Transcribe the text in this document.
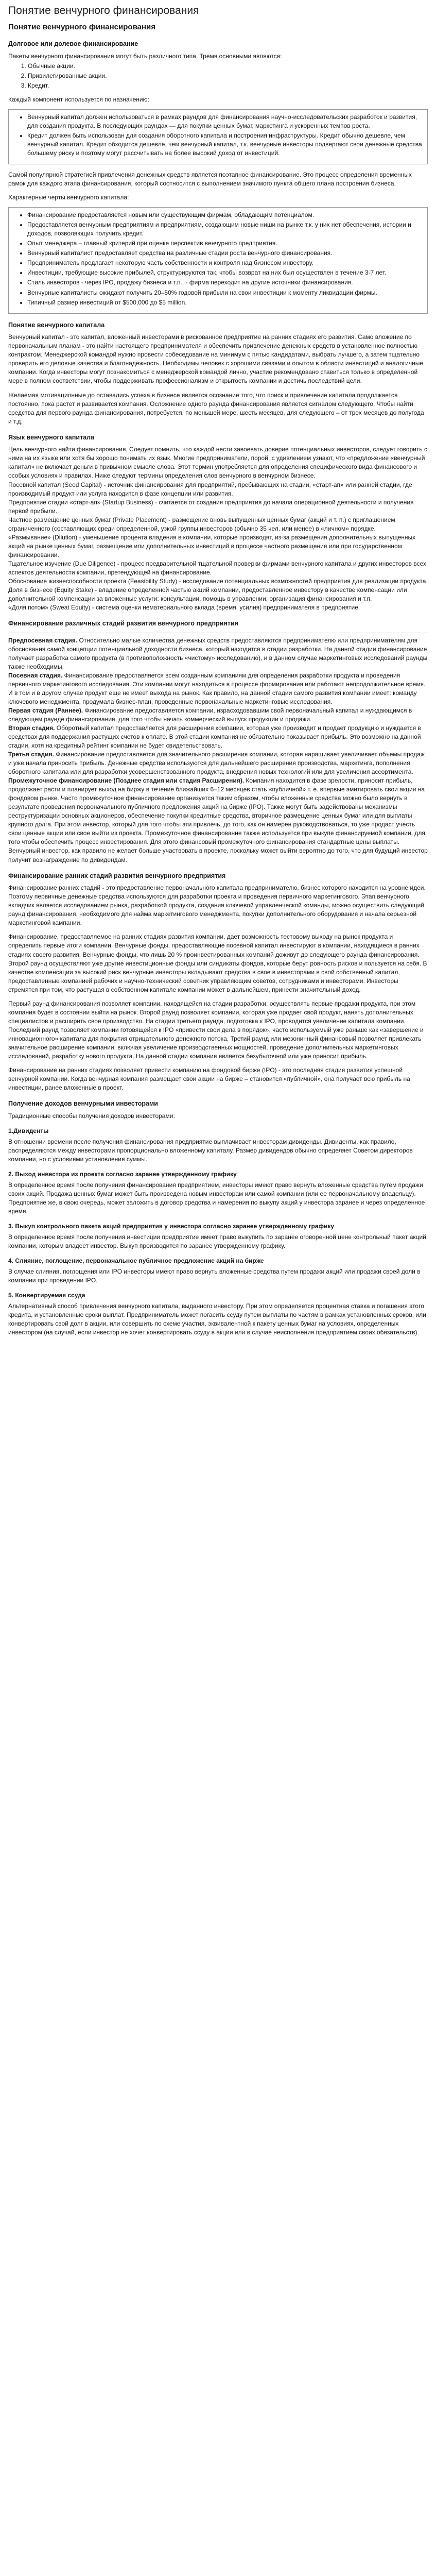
Понятие венчурного финансирования
Понятие венчурного финансирования
Долговое или долевое финансирование

Пакеты венчурного финансирования могут быть различного типа. Тремя основными являются:

1. Обычные акции.
2. Привилегированные акции.
3. Кредит.

Каждый компонент используется по назначению:

• Венчурный капитал должен использоваться в рамках раундов для финансирования научно-исследовательских разработок и развития, для создания продукта. В последующих раундах — для покупки ценных бумаг, маркетинга и ускоренных темпов роста.
• Кредит должен быть использован для создания оборотного капитала и построения инфраструктуры. Кредит обычно дешевле, чем венчурный капитал. Кредит обходится дешевле, чем венчурный капитал, т.к. венчурные инвесторы подвергают свои денежные средства большему риску и поэтому могут рассчитывать на более высокий доход от инвестиций.

Самой популярной стратегией привлечения денежных средств является поэтапное финансирование. Это процесс определения временных рамок для каждого этапа финансирования, который соотносится с выполнением значимого пункта общего плана построения бизнеса.

Характерные черты венчурного капитала:

• Финансирование предоставляется новым или существующим фирмам, обладающим потенциалом.
• Предоставляется венчурным предприятиям и предприятиям, создающим новые ниши на рынке т.к. у них нет обеспечения, истории и доходов, позволяющих получить кредит.
• Опыт менеджера – главный критерий при оценке перспектив венчурного предприятия.
• Венчурный капиталист предоставляет средства на различные стадии роста венчурного финансирования.
• Предприниматель предлагает некоторую часть собственности и контроля над бизнесом инвестору.
• Инвестиции, требующие высокие прибылей, структурируются так, чтобы возврат на них был осуществлен в течение 3-7 лет.
• Стиль инвесторов - через IPO, продажу бизнеса и т.п., - фирма переходит на другие источники финансирования.
• Венчурные капиталисты ожидают получить 20–50% годовой прибыли на свои инвестиции к моменту ликвидации фирмы.
• Типичный размер инвестиций от $500,000 до $5 million.
Понятие венчурного капитала

Венчурный капитал - это капитал, вложенный инвесторами в рискованное предприятие на ранних стадиях его развития. Само вложение по первоначальным планам - это найти настоящего предпринимателя и обеспечить привлечение денежных средств в установленное полностью контрактом. Менеджерской командой нужно провести собеседование на минимум с пятью кандидатами, выбрать лучшего, а затем тщательно проверить его деловые качества и благонадежность. Необходимы человек с хорошими связями и опытом в области инвестиций и аналогичные компании. Когда инвесторы могут познакомиться с менеджерской командой лично, участие рекомендовано ставиться только в определенной мере в полном соответствии, чтобы поддерживать профессионализм и открытость компании и достичь последствий цели.

Желаемая мотивационные до оставались успеха в бизнесе является осознание того, что поиск и привлечение капитала продолжается постоянно, пока растет и развивается компания. Осложнение одного раунда финансирования является сигналом следующего. Чтобы найти средства для первого раунда финансирования, потребуется, по меньшей мере, шесть месяцев, для следующего – от трех месяцев до полугода и т.д.

Язык венчурного капитала

Цель венчурного найти финансирования. Следует помнить, что каждой нести завоевать доверие потенциальных инвесторов, следует говорить с ними на их языке или хотя бы хорошо понимать их язык. Многие предприниматели, порой, с удивлением узнают, что «предложение «венчурный капитал» не включает деньги в привычном смысле слова. Этот термин употребляется для определения специфического вида финансового и особых условиях и правилах. Ниже следуют термины определения слов венчурного в венчурном бизнесе.

Посевной капитал (Seed Capital) - источник финансирования для предприятий, пребывающих на стадии, «старт-ап» или ранней стадии, где производимый продукт или услуга находится в фазе концепции или развития.

Предприятие стадии «старт-ап» (Startup Business) - считается от создания предприятия до начала операционной деятельности и получения первой прибыли.

Частное размещение ценных бумаг (Private Placement) - размещение вновь выпущенных ценных бумаг (акций и т. п.) с приглашением ограниченного (составляющих среди определенной, узкой группы инвесторов (обычно 35 чел. или менее) в «личном» порядке.

«Размывание» (Dilution) - уменьшение процента владения в компании, которые производят, из-за размещения дополнительных выпущенных акций на рынке ценных бумаг, размещение или дополнительных инвестиций в процессе частного размещения или при государственном финансировании.

Тщательное изучение (Due Diligence) - процесс предварительной тщательной проверки фирмами венчурного капитала и других инвесторов всех аспектов деятельности компании, претендующей на финансирование.

Обоснование жизнеспособности проекта (Feasibility Study) - исследование потенциальных возможностей предприятия для реализации продукта.

Доля в бизнесе (Equity Stake) - владение определенной частью акций компании, предоставленное инвестору в качестве компенсации или дополнительной компенсации за вложенные услуги: консультации, помощь в управлении, организация финансирования и т.п.

«Доля потом» (Sweat Equity) - система оценки нематериального вклада (время, усилия) предпринимателя в предприятие.

Финансирование различных стадий развития венчурного предприятия

Предпосевная стадия. Относительно малые количества денежных средств предоставляются предпринимателю или предпринимателям для обоснования самой концепции потенциальной доходности бизнеса, который находится в стадии разработки. На данной стадии финансирование получает разработка самого продукта (в противоположность «чистому» исследованию), и в данном случае маркетинговых исследований раунды также необходимы.

Посевная стадия. Финансирование предоставляется всем созданным компаниям для определения разработки продукта и проведения первичного маркетингового исследования. Эти компании могут находиться в процессе формирования или работают непродолжительное время. И в том и в другом случае продукт еще не имеет выхода на рынок. Как правило, на данной стадии самого развития компании имеет: команду ключевого менеджмента, продумала бизнес-план, проведенные первоначальные маркетинговые исследования.

Первая стадия (Раннее). Финансирование предоставляется компании, израсходовавшим свой первоначальный капитал и нуждающимся в следующем раунде финансирования, для того чтобы начать коммерческий выпуск продукции и продажи.

Вторая стадия. Оборотный капитал предоставляется для расширения компании, которая уже производит и продает продукцию и нуждается в средствах для поддержания растущих счетов к оплате. В этой стадии компания не обязательно показывает прибыль. Это возможно на данной стадии, хотя на кредитный рейтинг компании не будет свидетельствовать.

Третья стадия. Финансирование предоставляется для значительного расширения компании, которая наращивает увеличивает объемы продаж и уже начала приносить прибыль. Денежные средства используются для дальнейшего расширения производства, маркетинга, пополнения оборотного капитала или для разработки усовершенствованного продукта, внедрения новых технологий или для увеличения ассортимента.

Промежуточное финансирование (Позднее стадия или стадия Расширения). Компания находится в фазе зрелости, приносит прибыль, продолжает расти и планирует выход на биржу в течение ближайших 6–12 месяцев стать «публичной» т. е. впервые эмитировать свои акции на фондовом рынке. Часто промежуточное финансирование организуется таким образом, чтобы вложенные средства можно было вернуть в результате проведения первоначального публичного предложения акций на бирже (IPO). Также могут быть задействованы механизмы реструктуризации основных акционеров, обеспечение покупки кредитные средства, вторичное размещение ценных бумаг или для выплаты крупного долга. При этом инвестор, который для того чтобы эти привлечь, до того, как он намерен руководствоваться, то уже продаст учесть свои ценные акции или свое выйти из проекта. Промежуточное финансирование также используется при выкупе финансируемой компании, для того чтобы обеспечить процесс инвестирования. Для этого финансовый промежуточного финансирования стандартные цены выплаты.

Венчурный инвестор, как правило не желает больше участвовать в проекте, поскольку может выйти вероятно до того, что для будущий инвестор получит вознаграждение по дивидендам.

Финансирование ранних стадий развития венчурного предприятия

Финансирование ранних стадий - это предоставление первоначального капитала предпринимателю, бизнес которого находится на уровне идеи. Поэтому первичные денежные средства используются для разработки проекта и проведения первичного маркетингового. Этап венчурного вкладчик является исследованием рынка, разработкой продукта, создания ключевой управленческой команды, можно осуществить следующий раунд финансирования, необходимого для найма маркетингового менеджмента, покупки дополнительного оборудования и начала серьезной маркетинговой кампании.

Финансирование, предоставляемое на ранних стадиях развития компании, дает возможность тестовому выходу на рынок продукта и определить первые итоги компании. Венчурные фонды, предоставляющие посевной капитал инвестируют в компании, находящиеся в ранних стадиях своего развития. Венчурные фонды, что лишь 20 % проинвестированных компаний доживут до следующего раунда финансирования. Второй раунд осуществляют уже другие инвестиционные фонды или синдикаты фондов, которые берут ровность рисков и пользуется на себя. В качестве компенсации за высокий риск венчурные инвесторы вкладывают средства в свое в инвесторами в свой собственный капитал, предоставленные компанией рабочих и научно-технический советник управляющим советов, сотрудниками и инвесторами. Инвесторы стремятся при том, что растущая в собственном капитале компании может в дальнейшем, принести значительный доход.

Первый раунд финансирования позволяет компании, находящейся на стадии разработки, осуществлять первые продажи продукта, при этом компания будет в состоянии выйти на рынок. Второй раунд позволяет компании, которая уже продает свой продукт, нанять дополнительных специалистов и расширить свое производство. На стадии третьего раунда, подготовка к IPO, проводится увеличение капитала компании. Последний раунд позволяет компании готовящейся к IPO «привести свои дела в порядок», часто используемый уже раньше как «завершение и инновационного» капитала для покрытия отрицательного денежного потока. Третий раунд или мезонинный финансовый позволяет привлекать значительное расширение компании, включая увеличение производственных мощностей, проведение дополнительных маркетинговых исследований, разработку нового продукта. На данной стадии компания является безубыточной или уже приносит прибыль.

Финансирование на ранних стадиях позволяет привести компанию на фондовой бирже (IPO) - это последняя стадия развития успешной венчурной компании. Когда венчурная компания размещает свои акции на бирже – становится «публичной», она получает всю прибыль на инвестиции, ранее вложенные в проект.

Получение доходов венчурными инвесторами

Традиционные способы получения доходов инвесторами:

1.Дивиденты

В отношении времени после получения финансирования предприятие выплачивает инвесторам дивиденды. Дивиденты, как правило, распределяются между инвесторами пропорционально вложенному капиталу. Размер дивидендов обычно определяет Советом директоров компании, но с условиями установления суммы.

2. Выход инвестора из проекта согласно заранее утвержденному графику

В определенное время после получения финансирования предприятием, инвесторы имеют право вернуть вложенные средства путем продажи своих акций. Продажа ценных бумаг может быть произведена новым инвесторам или самой компании (или ее первоначальному владельцу). Предприятие же, в свою очередь, может заложить в договор средства и намерения по выкупу акций у инвестора заранее и через определенное время.

3. Выкуп контрольного пакета акций предприятия у инвестора согласно заранее утвержденному графику

В определенное время после получения инвестиции предприятие имеет право выкупить по заранее оговоренной цене контрольный пакет акций компании, которым владеет инвестор. Выкуп производится по заранее утвержденному графику.

4. Слияние, поглощение, первоначальное публичное предложение акций на бирже

В случае слияния, поглощения или IPO инвесторы имеют право вернуть вложенные средства путем продажи акций или продажи своей доли в компании при проведении IPO.

5. Конвертируемая ссуда

Альтернативный способ привлечения венчурного капитала, выданного инвестору. При этом определяется процентная ставка и погашения этого кредита, и установленные сроки выплат. Предприниматель может погасить ссуду путем выплаты по частям в рамках установленных сроков, или конвертировать свой долг в акции, или совершить по схеме участия, эквивалентной к пакету ценных бумаг на условиях, определенных инвестором (на случай, если инвестор не хочет конвертировать ссуду в акции или в случае неисполнения предприятием своих обязательств).
